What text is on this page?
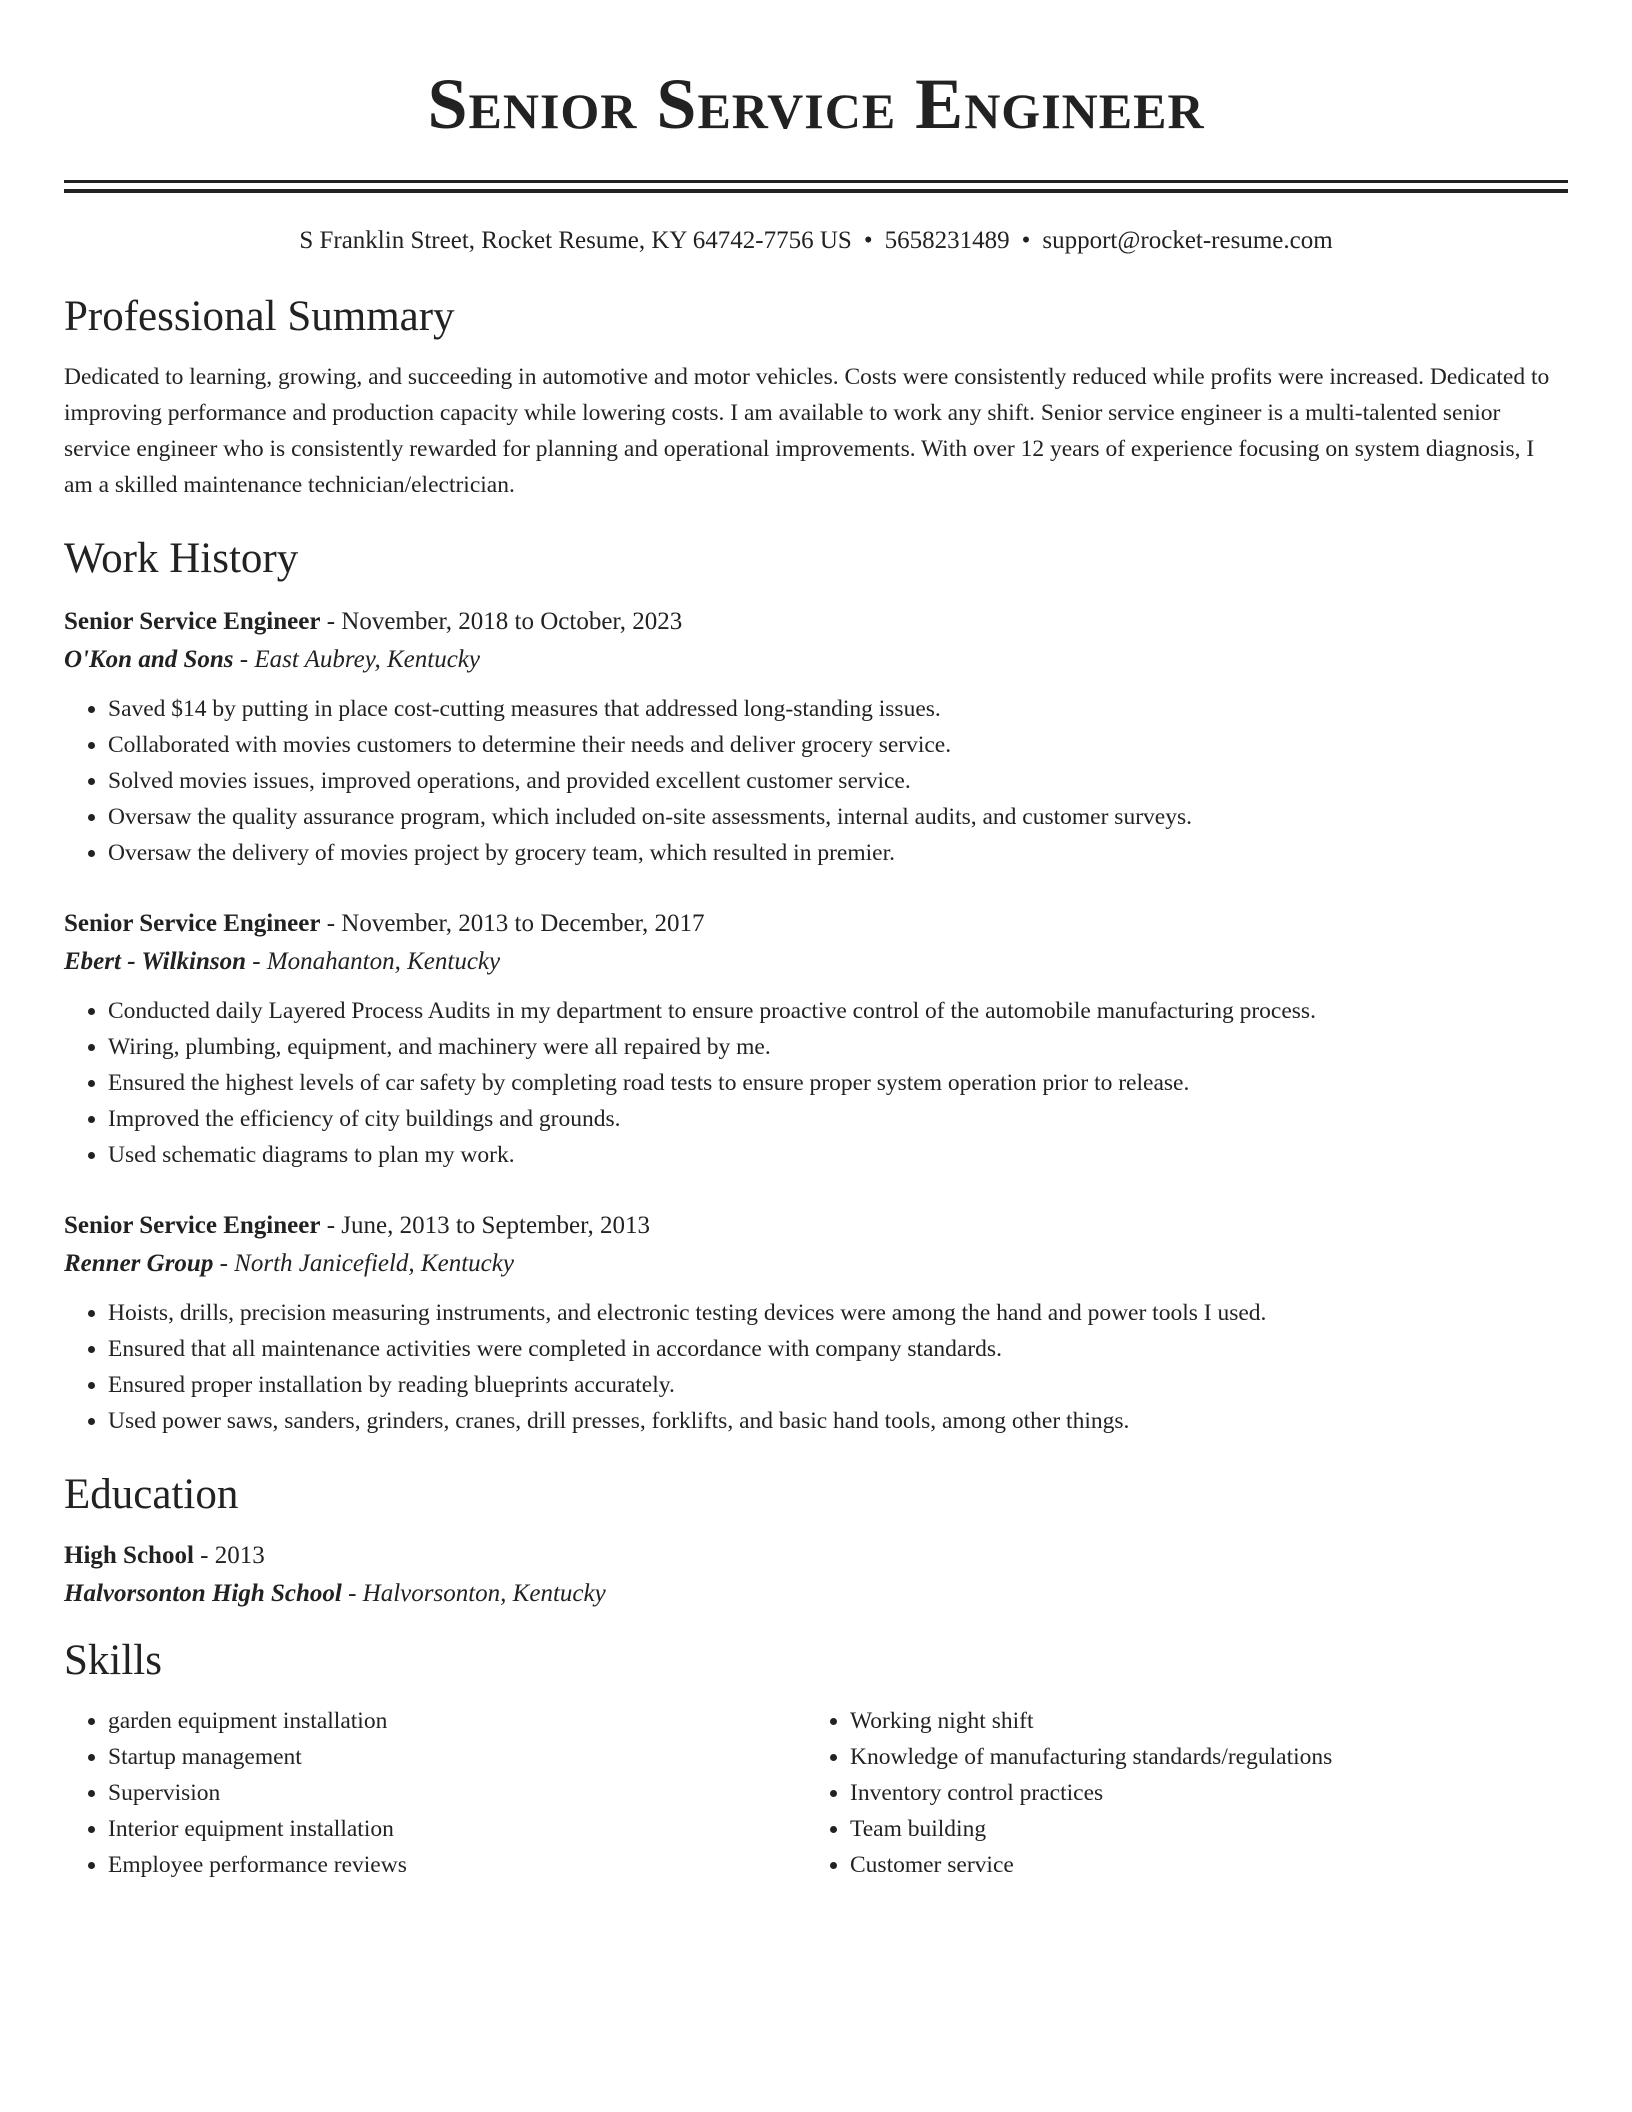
Senior Service Engineer
S Franklin Street, Rocket Resume, KY 64742-7756 US • 5658231489 • support@rocket-resume.com
Professional Summary
Dedicated to learning, growing, and succeeding in automotive and motor vehicles. Costs were consistently reduced while profits were increased. Dedicated to improving performance and production capacity while lowering costs. I am available to work any shift. Senior service engineer is a multi-talented senior service engineer who is consistently rewarded for planning and operational improvements. With over 12 years of experience focusing on system diagnosis, I am a skilled maintenance technician/electrician.
Work History
Senior Service Engineer - November, 2018 to October, 2023
O'Kon and Sons - East Aubrey, Kentucky
• Saved $14 by putting in place cost-cutting measures that addressed long-standing issues.
• Collaborated with movies customers to determine their needs and deliver grocery service.
• Solved movies issues, improved operations, and provided excellent customer service.
• Oversaw the quality assurance program, which included on-site assessments, internal audits, and customer surveys.
• Oversaw the delivery of movies project by grocery team, which resulted in premier.
Senior Service Engineer - November, 2013 to December, 2017
Ebert - Wilkinson - Monahanton, Kentucky
• Conducted daily Layered Process Audits in my department to ensure proactive control of the automobile manufacturing process.
• Wiring, plumbing, equipment, and machinery were all repaired by me.
• Ensured the highest levels of car safety by completing road tests to ensure proper system operation prior to release.
• Improved the efficiency of city buildings and grounds.
• Used schematic diagrams to plan my work.
Senior Service Engineer - June, 2013 to September, 2013
Renner Group - North Janicefield, Kentucky
• Hoists, drills, precision measuring instruments, and electronic testing devices were among the hand and power tools I used.
• Ensured that all maintenance activities were completed in accordance with company standards.
• Ensured proper installation by reading blueprints accurately.
• Used power saws, sanders, grinders, cranes, drill presses, forklifts, and basic hand tools, among other things.
Education
High School - 2013
Halvorsonton High School - Halvorsonton, Kentucky
Skills
• garden equipment installation
• Startup management
• Supervision
• Interior equipment installation
• Employee performance reviews
• Working night shift
• Knowledge of manufacturing standards/regulations
• Inventory control practices
• Team building
• Customer service
